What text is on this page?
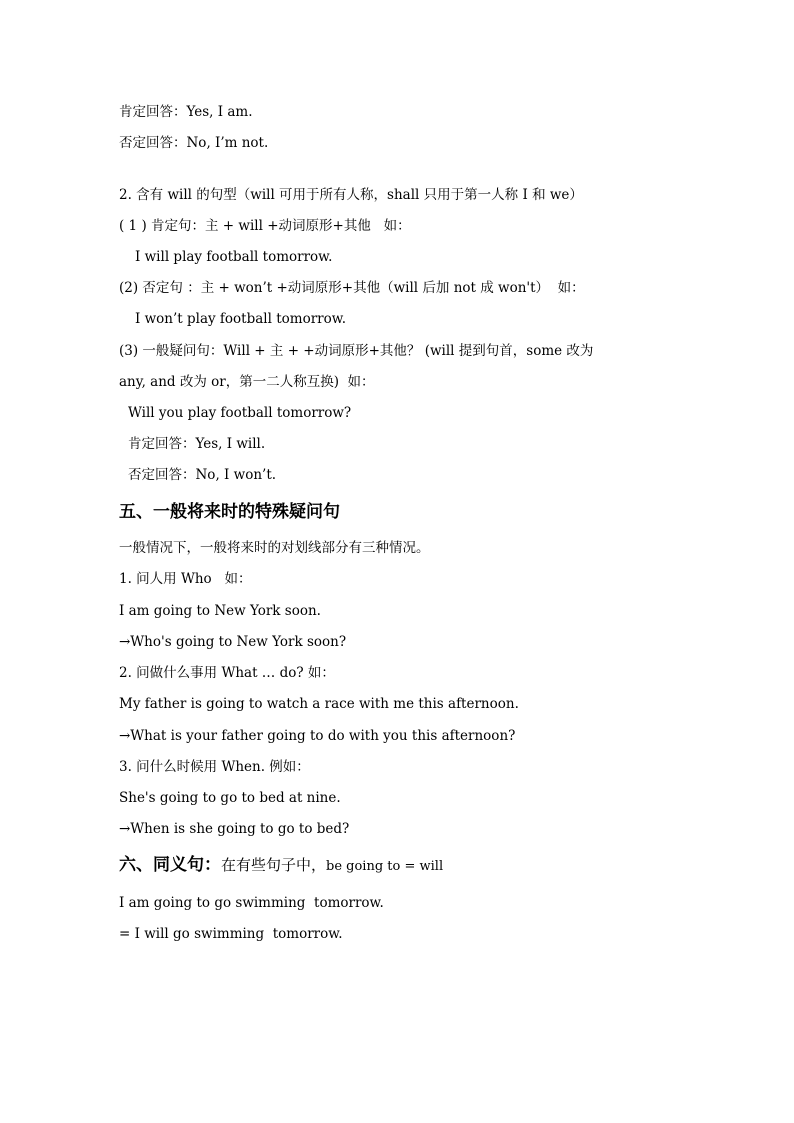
肯定回答：Yes, I am.
否定回答：No, I’m not.
2. 含有 will 的句型（will 可用于所有人称，shall 只用于第一人称 I 和 we）
( 1 ) 肯定句：主 + will +动词原形+其他   如：
I will play football tomorrow.
(2) 否定句 ：主 + won’t +动词原形+其他（will 后加 not 成 won't）  如：
I won’t play football tomorrow.
(3) 一般疑问句：Will + 主 + +动词原形+其他？ (will 提到句首，some 改为
any, and 改为 or，第一二人称互换)  如：
Will you play football tomorrow?
肯定回答：Yes, I will.
否定回答：No, I won’t.
五、一般将来时的特殊疑问句
一般情况下，一般将来时的对划线部分有三种情况。
1. 问人用 Who   如：
I am going to New York soon.
→Who's going to New York soon?
2. 问做什么事用 What … do? 如：
My father is going to watch a race with me this afternoon.
→What is your father going to do with you this afternoon?
3. 问什么时候用 When. 例如：
She's going to go to bed at nine.
→When is she going to go to bed?
六、同义句：在有些句子中，be going to = will
I am going to go swimming  tomorrow.
= I will go swimming  tomorrow.
